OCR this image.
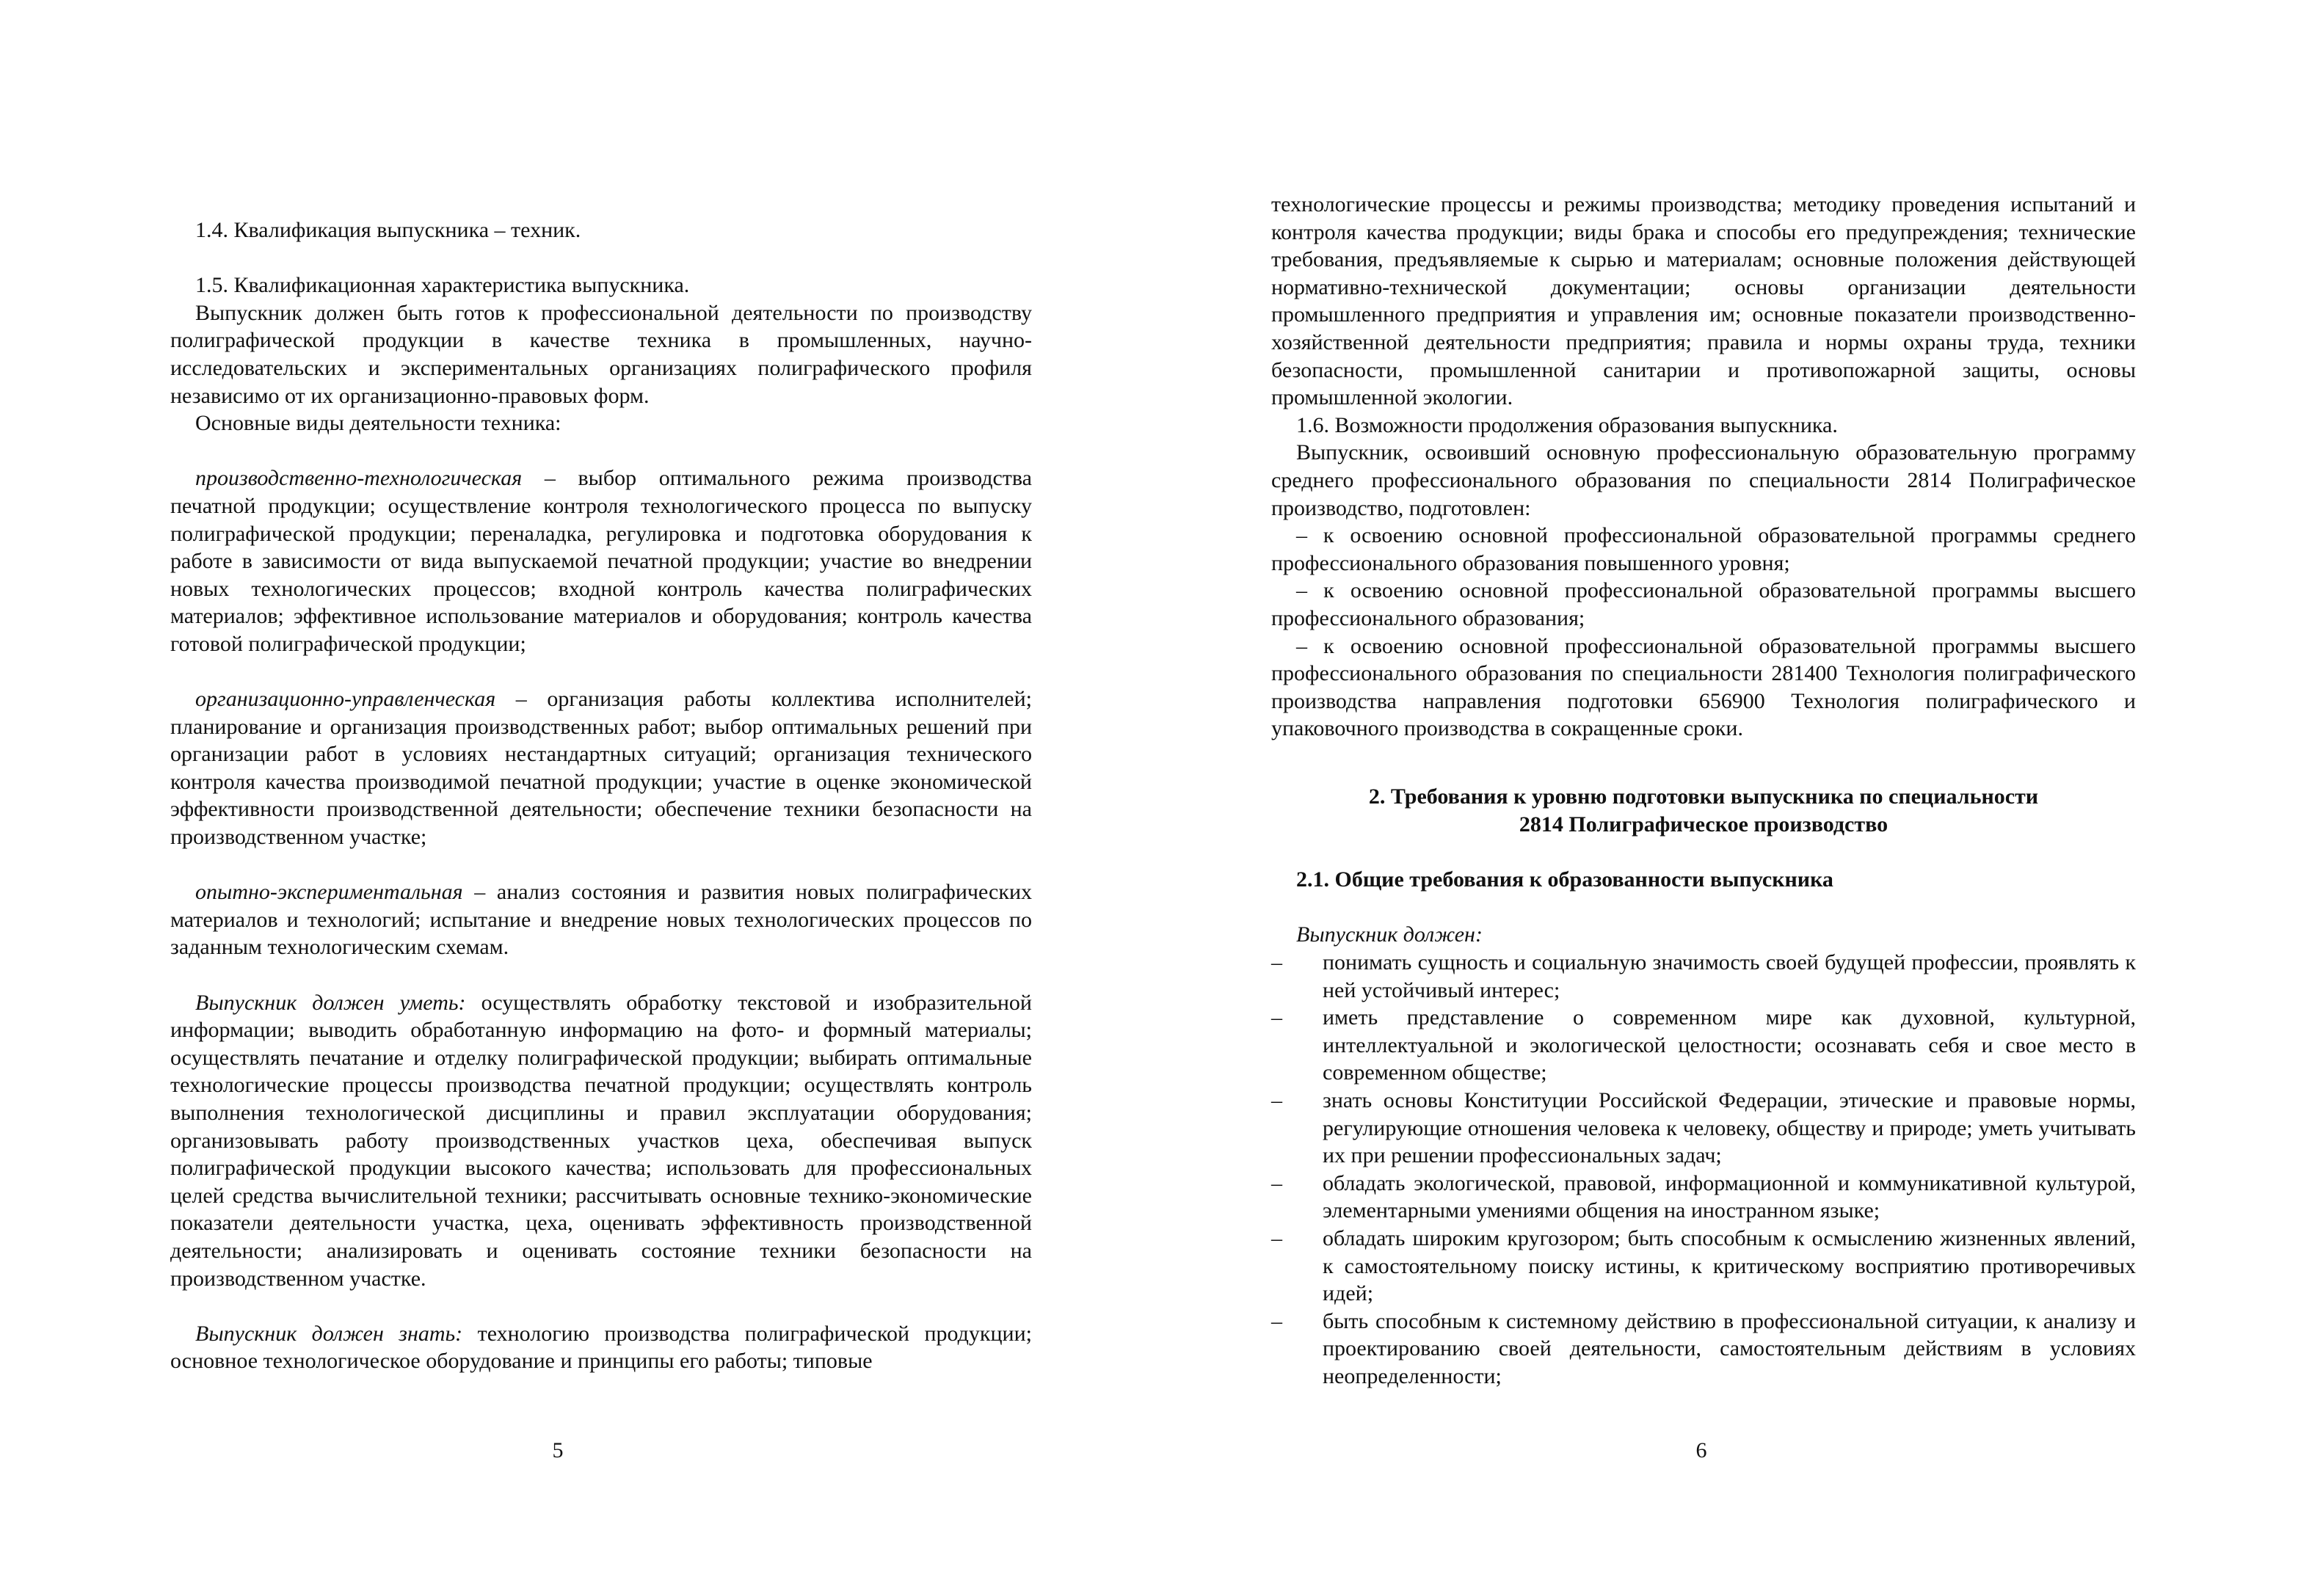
1.4. Квалификация выпускника – техник.

1.5. Квалификационная характеристика выпускника.

Выпускник должен быть готов к профессиональной деятельности по производству полиграфической продукции в качестве техника в промышленных, научно-исследовательских и экспериментальных организациях полиграфического профиля независимо от их организационно-правовых форм.

Основные виды деятельности техника:

производственно-технологическая – выбор оптимального режима производства печатной продукции; осуществление контроля технологического процесса по выпуску полиграфической продукции; переналадка, регулировка и подготовка оборудования к работе в зависимости от вида выпускаемой печатной продукции; участие во внедрении новых технологических процессов; входной контроль качества полиграфических материалов; эффективное использование материалов и оборудования; контроль качества готовой полиграфической продукции;

организационно-управленческая – организация работы коллектива исполнителей; планирование и организация производственных работ; выбор оптимальных решений при организации работ в условиях нестандартных ситуаций; организация технического контроля качества производимой печатной продукции; участие в оценке экономической эффективности производственной деятельности; обеспечение техники безопасности на производственном участке;

опытно-экспериментальная – анализ состояния и развития новых полиграфических материалов и технологий; испытание и внедрение новых технологических процессов по заданным технологическим схемам.

Выпускник должен уметь: осуществлять обработку текстовой и изобразительной информации; выводить обработанную информацию на фото- и формный материалы; осуществлять печатание и отделку полиграфической продукции; выбирать оптимальные технологические процессы производства печатной продукции; осуществлять контроль выполнения технологической дисциплины и правил эксплуатации оборудования; организовывать работу производственных участков цеха, обеспечивая выпуск полиграфической продукции высокого качества; использовать для профессиональных целей средства вычислительной техники; рассчитывать основные технико-экономические показатели деятельности участка, цеха, оценивать эффективность производственной деятельности; анализировать и оценивать состояние техники безопасности на производственном участке.

Выпускник должен знать: технологию производства полиграфической продукции; основное технологическое оборудование и принципы его работы; типовые

5

технологические процессы и режимы производства; методику проведения испытаний и контроля качества продукции; виды брака и способы его предупреждения; технические требования, предъявляемые к сырью и материалам; основные положения действующей нормативно-технической документации; основы организации деятельности промышленного предприятия и управления им; основные показатели производственно-хозяйственной деятельности предприятия; правила и нормы охраны труда, техники безопасности, промышленной санитарии и противопожарной защиты, основы промышленной экологии.

1.6. Возможности продолжения образования выпускника.

Выпускник, освоивший основную профессиональную образовательную программу среднего профессионального образования по специальности 2814 Полиграфическое производство, подготовлен:

– к освоению основной профессиональной образовательной программы среднего профессионального образования повышенного уровня;

– к освоению основной профессиональной образовательной программы высшего профессионального образования;

– к освоению основной профессиональной образовательной программы высшего профессионального образования по специальности 281400 Технология полиграфического производства направления подготовки 656900 Технология полиграфического и упаковочного производства в сокращенные сроки.

2. Требования к уровню подготовки выпускника по специальности

2814 Полиграфическое производство

2.1. Общие требования к образованности выпускника

Выпускник должен:

– понимать сущность и социальную значимость своей будущей профессии, проявлять к ней устойчивый интерес;
– иметь представление о современном мире как духовной, культурной, интеллектуальной и экологической целостности; осознавать себя и свое место в современном обществе;
– знать основы Конституции Российской Федерации, этические и правовые нормы, регулирующие отношения человека к человеку, обществу и природе; уметь учитывать их при решении профессиональных задач;
– обладать экологической, правовой, информационной и коммуникативной культурой, элементарными умениями общения на иностранном языке;
– обладать широким кругозором; быть способным к осмыслению жизненных явлений, к самостоятельному поиску истины, к критическому восприятию противоречивых идей;
– быть способным к системному действию в профессиональной ситуации, к анализу и проектированию своей деятельности, самостоятельным действиям в условиях неопределенности;
6
